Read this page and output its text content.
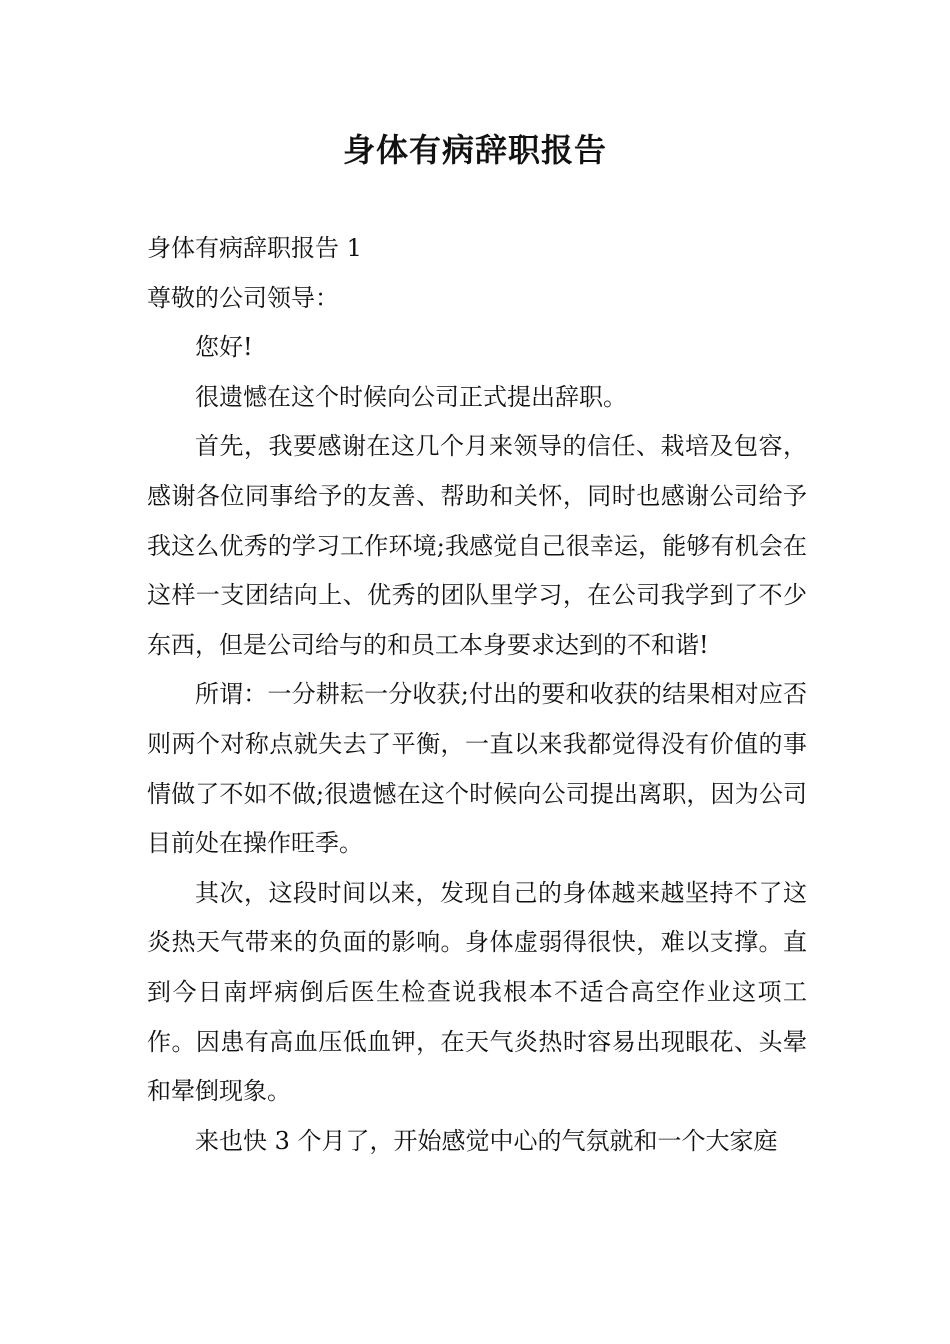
身体有病辞职报告

身体有病辞职报告 1

尊敬的公司领导：

您好!

很遗憾在这个时候向公司正式提出辞职。

首先，我要感谢在这几个月来领导的信任、栽培及包容，感谢各位同事给予的友善、帮助和关怀，同时也感谢公司给予我这么优秀的学习工作环境;我感觉自己很幸运，能够有机会在这样一支团结向上、优秀的团队里学习，在公司我学到了不少东西，但是公司给与的和员工本身要求达到的不和谐!

所谓：一分耕耘一分收获;付出的要和收获的结果相对应否则两个对称点就失去了平衡，一直以来我都觉得没有价值的事情做了不如不做;很遗憾在这个时候向公司提出离职，因为公司目前处在操作旺季。

其次，这段时间以来，发现自己的身体越来越坚持不了这炎热天气带来的负面的影响。身体虚弱得很快，难以支撑。直到今日南坪病倒后医生检查说我根本不适合高空作业这项工作。因患有高血压低血钾，在天气炎热时容易出现眼花、头晕和晕倒现象。

来也快 3 个月了，开始感觉中心的气氛就和一个大家庭
